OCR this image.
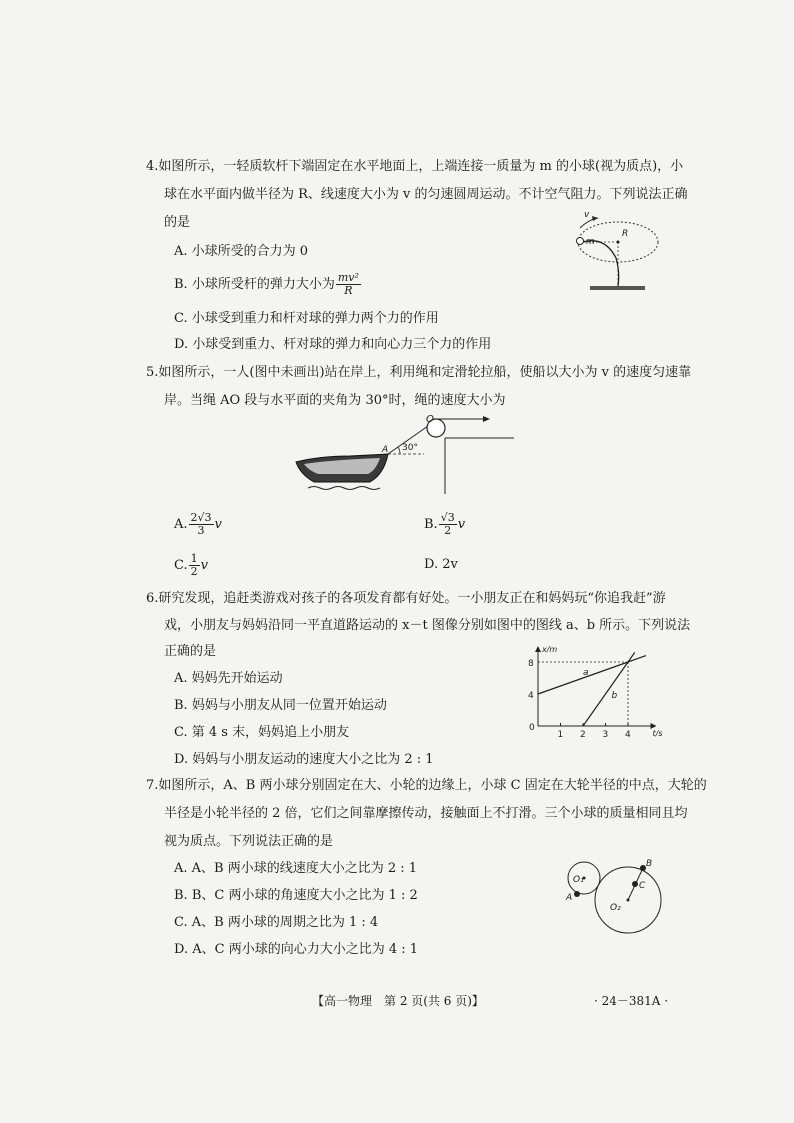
4.如图所示，一轻质软杆下端固定在水平地面上，上端连接一质量为 m 的小球(视为质点)，小
球在水平面内做半径为 R、线速度大小为 v 的匀速圆周运动。不计空气阻力。下列说法正确
的是
A. 小球所受的合力为 0
B. 小球所受杆的弹力大小为 $\frac{\text{mv²}}{R}$
C. 小球受到重力和杆对球的弹力两个力的作用
D. 小球受到重力、杆对球的弹力和向心力三个力的作用
v
m
R
5.如图所示，一人(图中未画出)站在岸上，利用绳和定滑轮拉船，使船以大小为 v 的速度匀速靠
岸。当绳 AO 段与水平面的夹角为 30°时，绳的速度大小为
O
A 30°
A. $\frac{2√3}{3}$ v	B. $\frac{√3}{2}$ v
C. $\frac{1}{2}$ v	D. 2v
6.研究发现，追赶类游戏对孩子的各项发育都有好处。一小朋友正在和妈妈玩“你追我赶”游
戏，小朋友与妈妈沿同一平直道路运动的 x－t 图像分别如图中的图线 a、b 所示。下列说法
正确的是
A. 妈妈先开始运动
B. 妈妈与小朋友从同一位置开始运动
C. 第 4 s 末，妈妈追上小朋友
D. 妈妈与小朋友运动的速度大小之比为 2 : 1
x/m
t/s
0
1 2 3 4
4
8
a
b
7.如图所示，A、B 两小球分别固定在大、小轮的边缘上，小球 C 固定在大轮半径的中点，大轮的
半径是小轮半径的 2 倍，它们之间靠摩擦传动，接触面上不打滑。三个小球的质量相同且均
视为质点。下列说法正确的是
A. A、B 两小球的线速度大小之比为 2 : 1
B. B、C 两小球的角速度大小之比为 1 : 2
C. A、B 两小球的周期之比为 1 : 4
D. A、C 两小球的向心力大小之比为 4 : 1
O₁
O₂
A
B
C
【高一物理　第 2 页(共 6 页)】	· 24－381A ·
